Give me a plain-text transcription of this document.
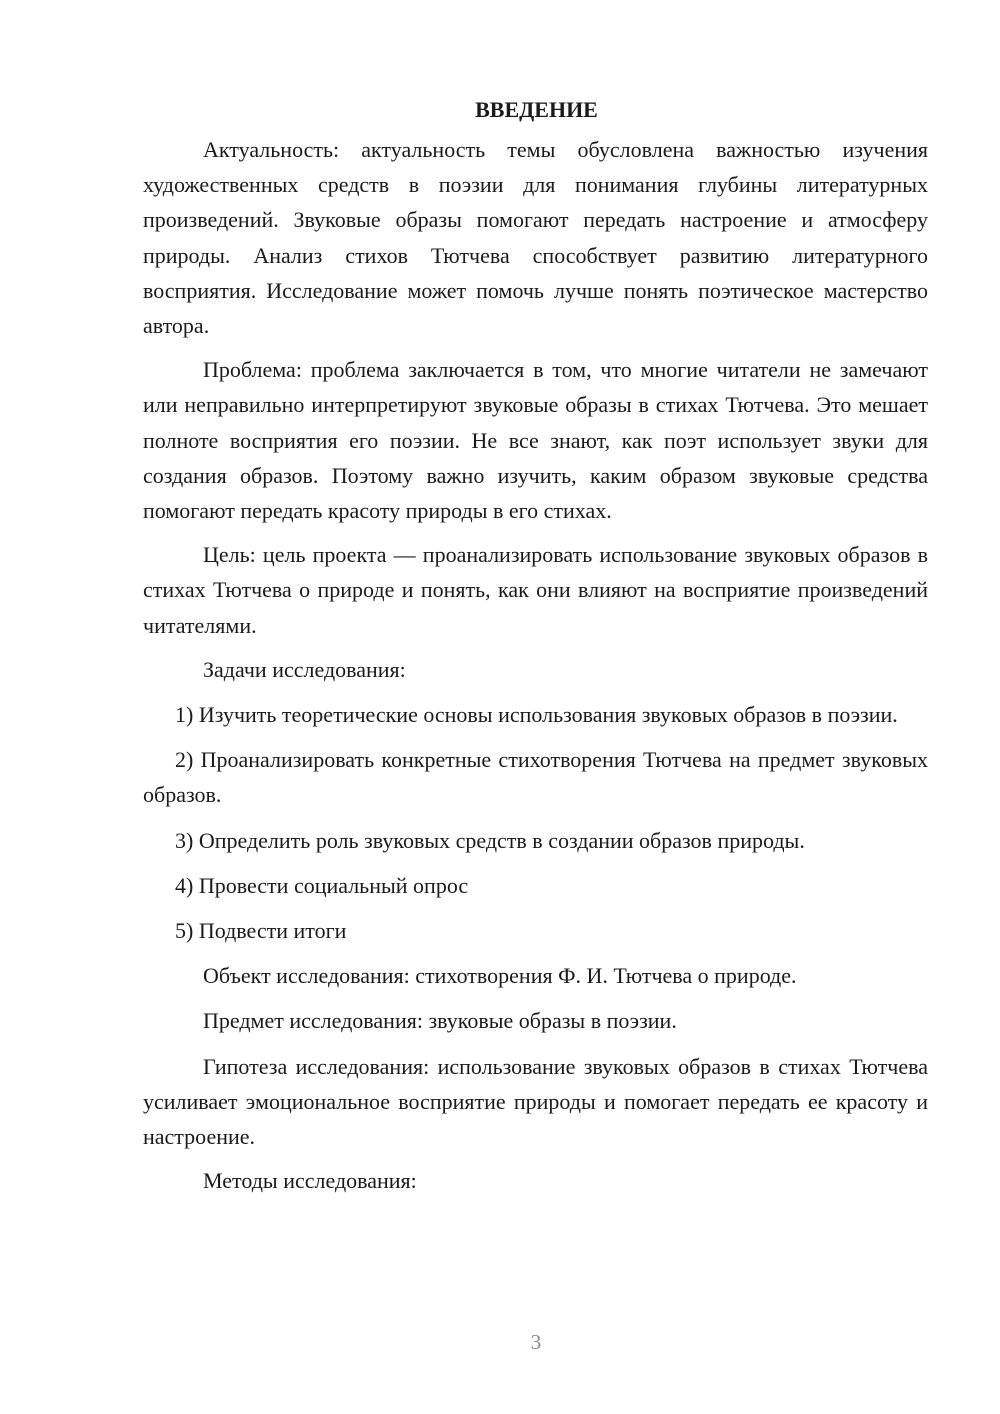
ВВЕДЕНИЕ

Актуальность: актуальность темы обусловлена важностью изучения художественных средств в поэзии для понимания глубины литературных произведений. Звуковые образы помогают передать настроение и атмосферу природы. Анализ стихов Тютчева способствует развитию литературного восприятия. Исследование может помочь лучше понять поэтическое мастерство автора.

Проблема: проблема заключается в том, что многие читатели не замечают или неправильно интерпретируют звуковые образы в стихах Тютчева. Это мешает полноте восприятия его поэзии. Не все знают, как поэт использует звуки для создания образов. Поэтому важно изучить, каким образом звуковые средства помогают передать красоту природы в его стихах.

Цель: цель проекта — проанализировать использование звуковых образов в стихах Тютчева о природе и понять, как они влияют на восприятие произведений читателями.

Задачи исследования:

1) Изучить теоретические основы использования звуковых образов в поэзии.

2) Проанализировать конкретные стихотворения Тютчева на предмет звуковых образов.

3) Определить роль звуковых средств в создании образов природы.

4) Провести социальный опрос

5) Подвести итоги

Объект исследования: стихотворения Ф. И. Тютчева о природе.

Предмет исследования: звуковые образы в поэзии.

Гипотеза исследования: использование звуковых образов в стихах Тютчева усиливает эмоциональное восприятие природы и помогает передать ее красоту и настроение.

Методы исследования:

3
